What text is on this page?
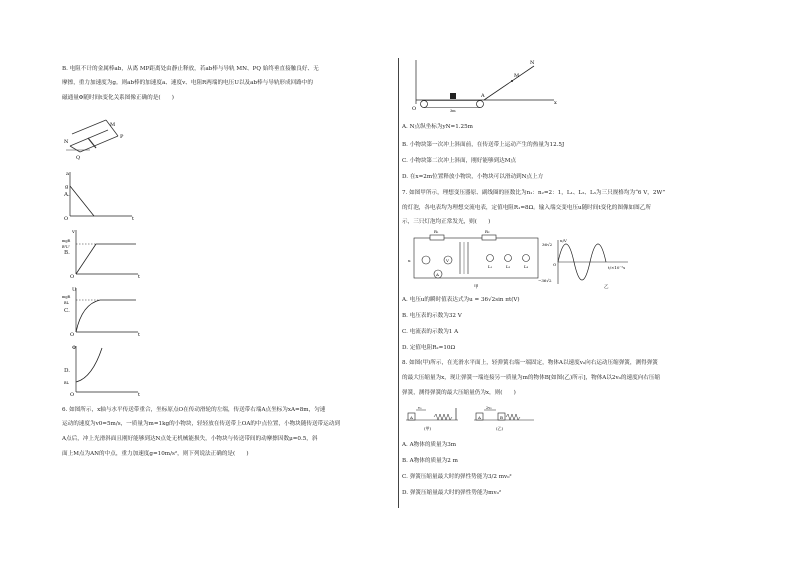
B. 电阻不计的金属棒ab，从离 MP距离处由静止释放，若ab棒与导轨 MN、PQ 始终垂直接触良好、无
摩擦，重力加速度为g。则ab棒的加速度a、速度v、电阻R两端的电压U以及ab棒与导轨形成回路中的
磁通量Φ随时间t变化关系图像正确的是(　　)
N
M
Q
P
A.
a
g
O	t
B.
v
mgR
B²L²
O	t
C.
U
mgR
BL
O	t
D.
Φ
BL
O	t
6. 如图所示，x轴与水平传送带重合，坐标原点O在传动滑轮的左端，传送带右端A点坐标为xA=8m，匀速
运动的速度为v0=5m/s，一质量为m=1kg的小物块，轻轻放在传送带上OA的中点位置，小物块随传送带运动到
A点后，冲上光滑斜面且刚好能够到达N点处无机械能损失，小物块与传送带间的动摩擦因数μ=0.5，斜
面上M点为AN的中点，重力加速度g=10m/s²，则下列说法正确的是(　　)
M
N
O
A
x
3m
A. N点纵坐标为yN=1.25m
B. 小物块第一次冲上斜面前，在传送带上运动产生的热量为12.5J
C. 小物块第二次冲上斜面，刚好能够到达M点
D. 在x=2m位置释放小物块，小物块可以滑动到N点上方
7. 如图甲所示，理想变压器原、副线圈的匝数比为n₁：n₂=2：1，L₁、L₂、L₃为三只规格均为“6 V，2W”
的灯泡，各电表均为理想交流电表，定值电阻R₁=8Ω。输入端交变电压u随时间t变化的图像如图乙所
示，三只灯泡均正常发光，则(　　)
R₁	R₂
u	V
A
L₁	L₂	L₃
甲
u/V
36√2
−36√2
O
t/×10⁻²s
乙
A. 电压u的瞬时值表达式为u = 36√2sin πt(V)
B. 电压表的示数为32 V
C. 电流表的示数为1 A
D. 定值电阻R₂=10Ω
8. 如图(甲)所示，在光滑水平面上，轻弹簧右端一端固定，物体A以速度v₀向右运动压缩弹簧，测得弹簧
的最大压缩量为x，现让弹簧一端连接另一质量为m的物体B[如图(乙)所示]，物体A以2v₀的速度向右压缩
弹簧，测得弹簧的最大压缩量仍为x，则(　　)
A
v₀
(甲)
A	B
2v₀
(乙)
A. A物体的质量为3m
B. A物体的质量为2 m
C. 弹簧压缩量最大时的弹性势能为3/2 mv₀²
D. 弹簧压缩量最大时的弹性势能为mv₀²
